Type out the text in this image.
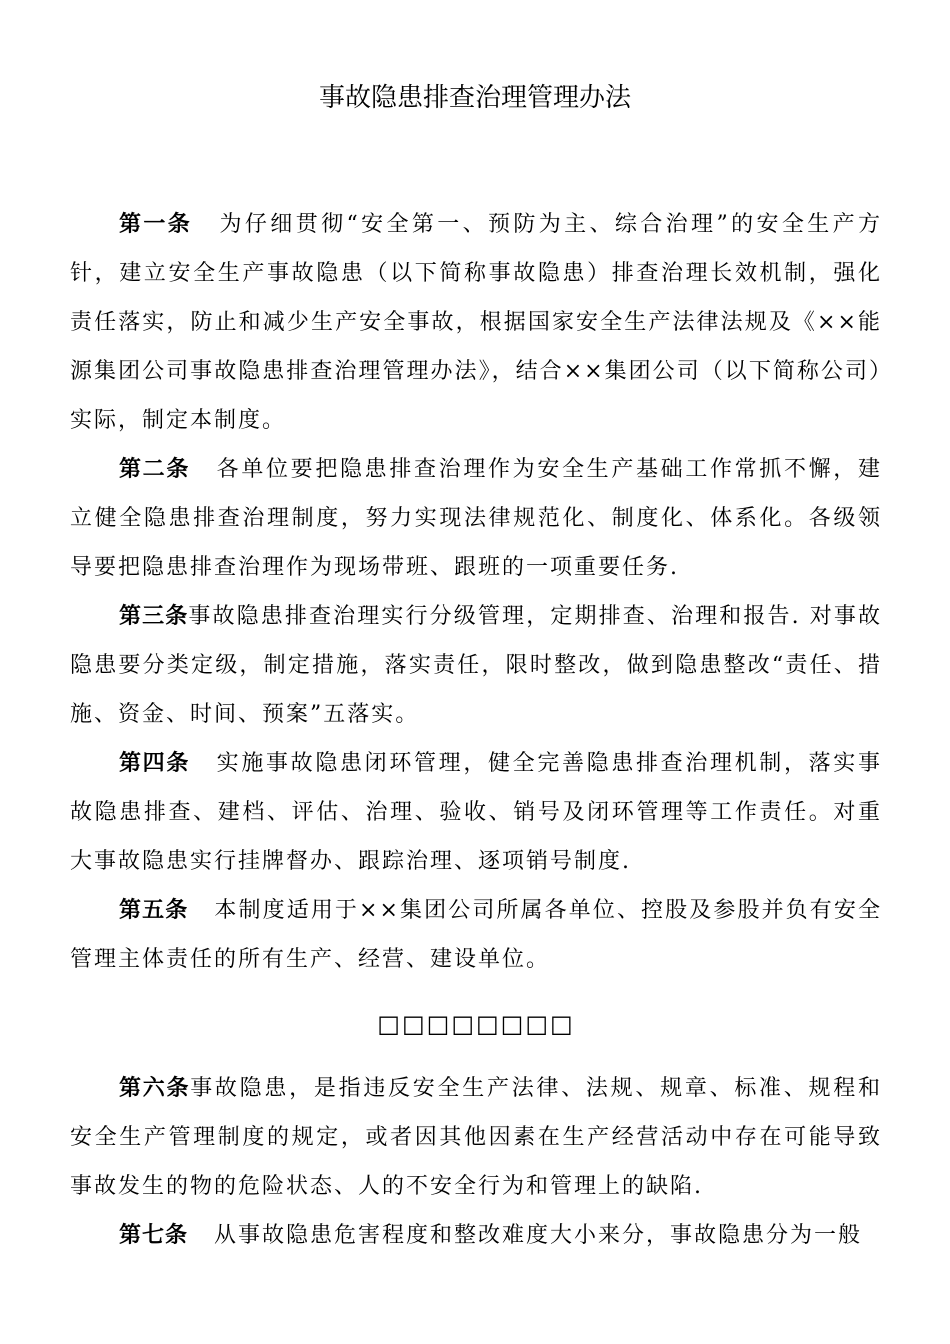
事故隐患排查治理管理办法

第一条 为仔细贯彻“安全第一、预防为主、综合治理”的安全生产方针，建立安全生产事故隐患（以下简称事故隐患）排查治理长效机制，强化责任落实，防止和减少生产安全事故，根据国家安全生产法律法规及《××能源集团公司事故隐患排查治理管理办法》，结合××集团公司（以下简称公司）实际，制定本制度。

第二条 各单位要把隐患排查治理作为安全生产基础工作常抓不懈，建立健全隐患排查治理制度，努力实现法律规范化、制度化、体系化。各级领导要把隐患排查治理作为现场带班、跟班的一项重要任务.

第三条事故隐患排查治理实行分级管理，定期排查、治理和报告. 对事故隐患要分类定级，制定措施，落实责任，限时整改，做到隐患整改“责任、措施、资金、时间、预案”五落实。

第四条 实施事故隐患闭环管理，健全完善隐患排查治理机制，落实事故隐患排查、建档、评估、治理、验收、销号及闭环管理等工作责任。对重大事故隐患实行挂牌督办、跟踪治理、逐项销号制度.

第五条 本制度适用于××集团公司所属各单位、控股及参股并负有安全管理主体责任的所有生产、经营、建设单位。

□□□□□□□□

第六条事故隐患，是指违反安全生产法律、法规、规章、标准、规程和安全生产管理制度的规定，或者因其他因素在生产经营活动中存在可能导致事故发生的物的危险状态、人的不安全行为和管理上的缺陷.

第七条 从事故隐患危害程度和整改难度大小来分，事故隐患分为一般
